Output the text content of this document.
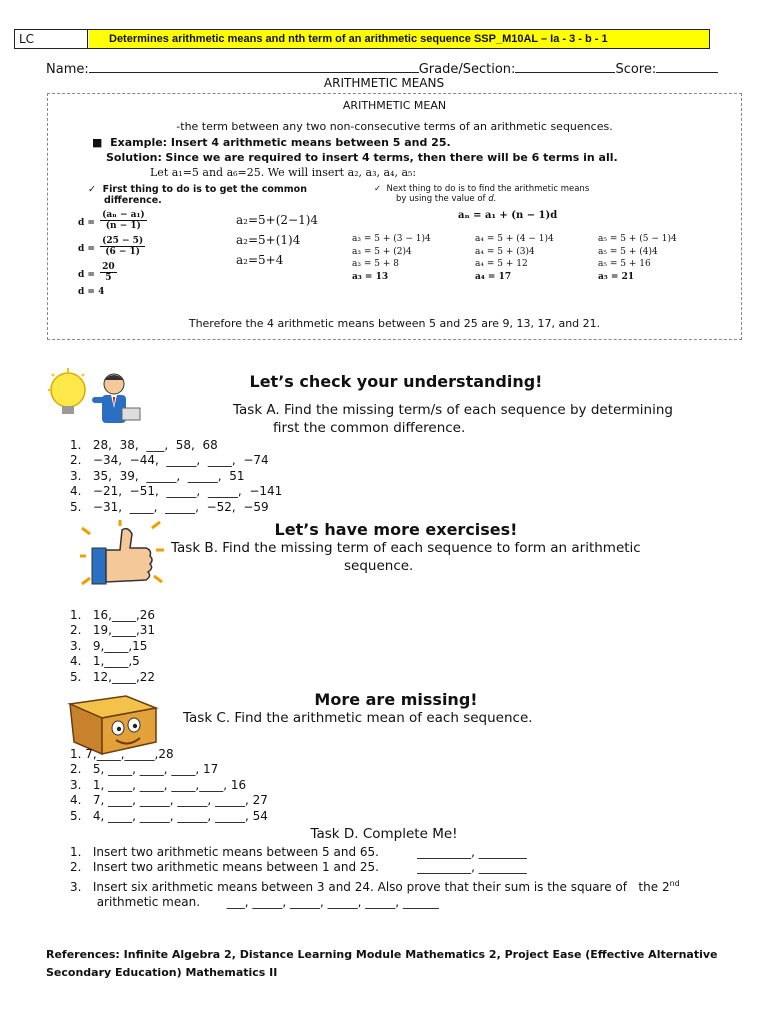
LC	Determines arithmetic means and nth term of an arithmetic sequence SSP_M10AL – Ia - 3 - b - 1
Name:	Grade/Section:	Score:
ARITHMETIC MEANS
ARITHMETIC MEAN
-the term between any two non-consecutive terms of an arithmetic sequences.
■ Example: Insert 4 arithmetic means between 5 and 25.
Solution: Since we are required to insert 4 terms, then there will be 6 terms in all.
Let a₁=5 and a₆=25. We will insert a₂, a₃, a₄, a₅:
✓ First thing to do is to get the common
difference.
✓ Next thing to do is to find the arithmetic means
by using the value of d.
$d = \frac{\text{(aₙ − a₁)}}{(n - 1)}$
$d = \frac{(25 - 5)}{(6 - 1)}$
$d = \frac{20}{5}$
d = 4
a₂=5+(2−1)4
a₂=5+(1)4
a₂=5+4
aₙ = a₁ + (n − 1)d
a₃ = 5 + (3 − 1)4
a₃ = 5 + (2)4
a₃ = 5 + 8
a₃ = 13
a₄ = 5 + (4 − 1)4
a₄ = 5 + (3)4
a₄ = 5 + 12
a₄ = 17
a₅ = 5 + (5 − 1)4
a₅ = 5 + (4)4
a₅ = 5 + 16
a₅ = 21
Therefore the 4 arithmetic means between 5 and 25 are 9, 13, 17, and 21.
Let’s check your understanding!
Task A. Find the missing term/s of each sequence by determining
first the common difference.
1.   28,  38,  ___,  58,  68
2.   −34,  −44,  _____,  ____,  −74
3.   35,  39,  _____,  _____,  51
4.   −21,  −51,  _____,  _____,  −141
5.   −31,  ____,  _____,  −52,  −59
Let’s have more exercises!
Task B. Find the missing term of each sequence to form an arithmetic
sequence.
1.   16,____,26
2.   19,____,31
3.   9,____,15
4.   1,____,5
5.   12,____,22
More are missing!
Task C. Find the arithmetic mean of each sequence.
1. 7,____,_____,28
2.   5, ____, ____, ____, 17
3.   1, ____, ____, ____,____, 16
4.   7, ____, _____, _____, _____, 27
5.   4, ____, _____, _____, _____, 54
Task D. Complete Me!
1.   Insert two arithmetic means between 5 and 65.          _________, ________
2.   Insert two arithmetic means between 1 and 25.          _________, ________
3.   Insert six arithmetic means between 3 and 24. Also prove that their sum is the square of   the 2nd
arithmetic mean.       ___, _____, _____, _____, _____, ______
References: Infinite Algebra 2, Distance Learning Module Mathematics 2, Project Ease (Effective Alternative
Secondary Education) Mathematics II
